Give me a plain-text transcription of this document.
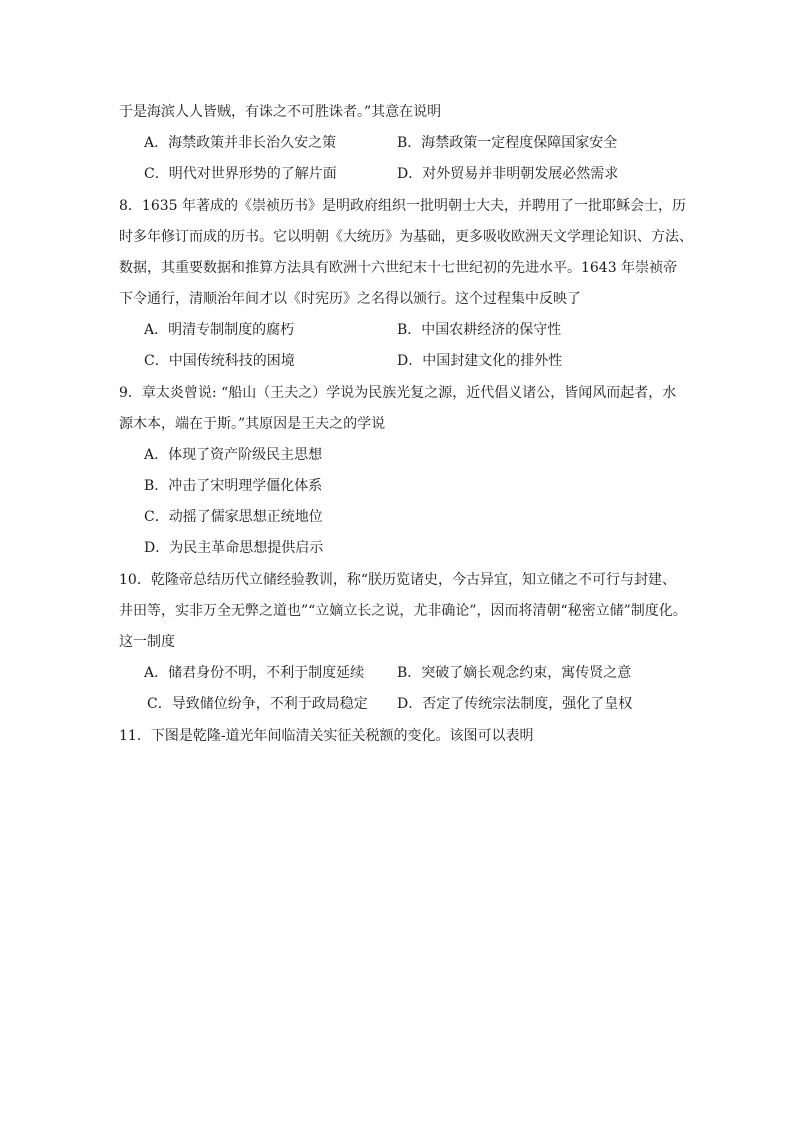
于是海滨人人皆贼，有诛之不可胜诛者。”其意在说明
A．海禁政策并非长治久安之策	B．海禁政策一定程度保障国家安全
C．明代对世界形势的了解片面	D．对外贸易并非明朝发展必然需求
8．1635 年著成的《崇祯历书》是明政府组织一批明朝士大夫，并聘用了一批耶稣会士，历
时多年修订而成的历书。它以明朝《大统历》为基础，更多吸收欧洲天文学理论知识、方法、
数据，其重要数据和推算方法具有欧洲十六世纪末十七世纪初的先进水平。1643 年崇祯帝
下令通行，清顺治年间才以《时宪历》之名得以颁行。这个过程集中反映了
A．明清专制制度的腐朽	B．中国农耕经济的保守性
C．中国传统科技的困境	D．中国封建文化的排外性
9．章太炎曾说: “船山（王夫之）学说为民族光复之源，近代倡义诸公，皆闻风而起者，水
源木本，端在于斯。”其原因是王夫之的学说
A．体现了资产阶级民主思想
B．冲击了宋明理学僵化体系
C．动摇了儒家思想正统地位
D．为民主革命思想提供启示
10．乾隆帝总结历代立储经验教训，称“朕历览诸史，今古异宜，知立储之不可行与封建、
井田等，实非万全无弊之道也”“立嫡立长之说，尤非确论”，因而将清朝“秘密立储”制度化。
这一制度
A．储君身份不明，不利于制度延续 B．突破了嫡长观念约束，寓传贤之意
C．导致储位纷争，不利于政局稳定 D．否定了传统宗法制度，强化了皇权
11．下图是乾隆-道光年间临清关实征关税额的变化。该图可以表明
